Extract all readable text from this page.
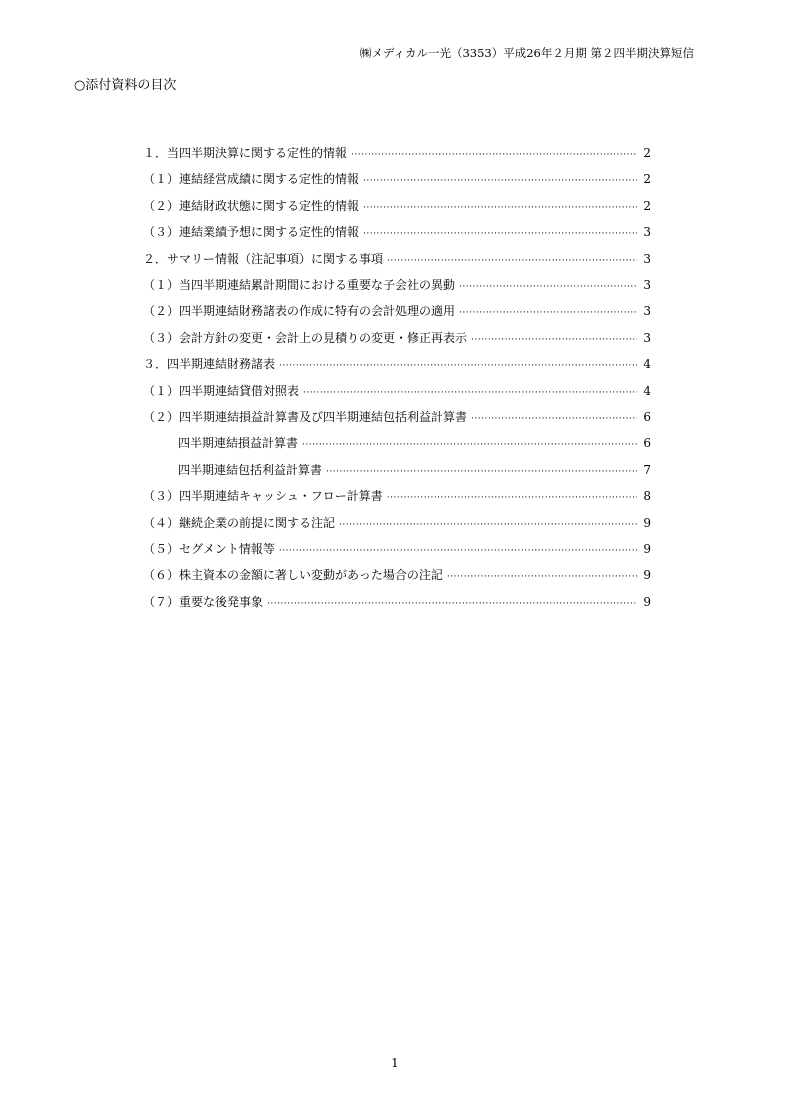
㈱メディカル一光（3353）平成26年２月期 第２四半期決算短信
○添付資料の目次
１．当四半期決算に関する定性的情報 ·····	2
（１）連結経営成績に関する定性的情報 ·····	2
（２）連結財政状態に関する定性的情報 ·····	2
（３）連結業績予想に関する定性的情報 ·····	3
２．サマリー情報（注記事項）に関する事項 ·····	3
（１）当四半期連結累計期間における重要な子会社の異動 ·····	3
（２）四半期連結財務諸表の作成に特有の会計処理の適用 ·····	3
（３）会計方針の変更・会計上の見積りの変更・修正再表示 ·····	3
３．四半期連結財務諸表 ·····	4
（１）四半期連結貸借対照表 ·····	4
（２）四半期連結損益計算書及び四半期連結包括利益計算書 ·····	6
四半期連結損益計算書 ·····	6
四半期連結包括利益計算書 ·····	7
（３）四半期連結キャッシュ・フロー計算書 ·····	8
（４）継続企業の前提に関する注記 ·····	9
（５）セグメント情報等 ·····	9
（６）株主資本の金額に著しい変動があった場合の注記 ·····	9
（７）重要な後発事象 ·····	9
1
